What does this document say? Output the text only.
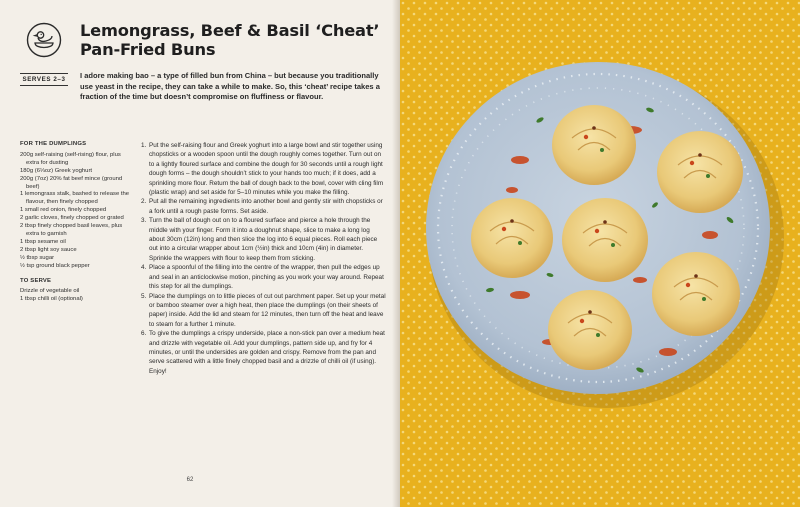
Lemongrass, Beef & Basil ‘Cheat’ Pan-Fried Buns
SERVES 2–3	I adore making bao – a type of filled bun from China – but because you traditionally use yeast in the recipe, they can take a while to make. So, this ‘cheat’ recipe takes a fraction of the time but doesn’t compromise on fluffiness or flavour.
FOR THE DUMPLINGS
200g self-raising (self-rising) flour, plus extra for dusting
180g (6⅓oz) Greek yoghurt
200g (7oz) 20% fat beef mince (ground beef)
1 lemongrass stalk, bashed to release the flavour, then finely chopped
1 small red onion, finely chopped
2 garlic cloves, finely chopped or grated
2 tbsp finely chopped basil leaves, plus extra to garnish
1 tbsp sesame oil
2 tbsp light soy sauce
½ tbsp sugar
½ tsp ground black pepper
TO SERVE
Drizzle of vegetable oil
1 tbsp chilli oil (optional)
1. Put the self-raising flour and Greek yoghurt into a large bowl and stir together using chopsticks or a wooden spoon until the dough roughly comes together. Turn out on to a lightly floured surface and combine the dough for 30 seconds until a rough light dough forms – the dough shouldn’t stick to your hands too much; if it does, add a sprinkling more flour. Return the ball of dough back to the bowl, cover with cling film (plastic wrap) and set aside for 5–10 minutes while you make the filling.
2. Put all the remaining ingredients into another bowl and gently stir with chopsticks or a fork until a rough paste forms. Set aside.
3. Turn the ball of dough out on to a floured surface and pierce a hole through the middle with your finger. Form it into a doughnut shape, slice to make a long log about 30cm (12in) long and then slice the log into 6 equal pieces. Roll each piece out into a circular wrapper about 1cm (½in) thick and 10cm (4in) in diameter. Sprinkle the wrappers with flour to keep them from sticking.
4. Place a spoonful of the filling into the centre of the wrapper, then pull the edges up and seal in an anticlockwise motion, pinching as you work your way around. Repeat this step for all the dumplings.
5. Place the dumplings on to little pieces of cut out parchment paper. Set up your metal or bamboo steamer over a high heat, then place the dumplings (on their sheets of paper) inside. Add the lid and steam for 12 minutes, then turn off the heat and leave to steam for a further 1 minute.
6. To give the dumplings a crispy underside, place a non-stick pan over a medium heat and drizzle with vegetable oil. Add your dumplings, pattern side up, and fry for 4 minutes, or until the undersides are golden and crispy. Remove from the pan and serve scattered with a little finely chopped basil and a drizzle of chilli oil (if using). Enjoy!
62
